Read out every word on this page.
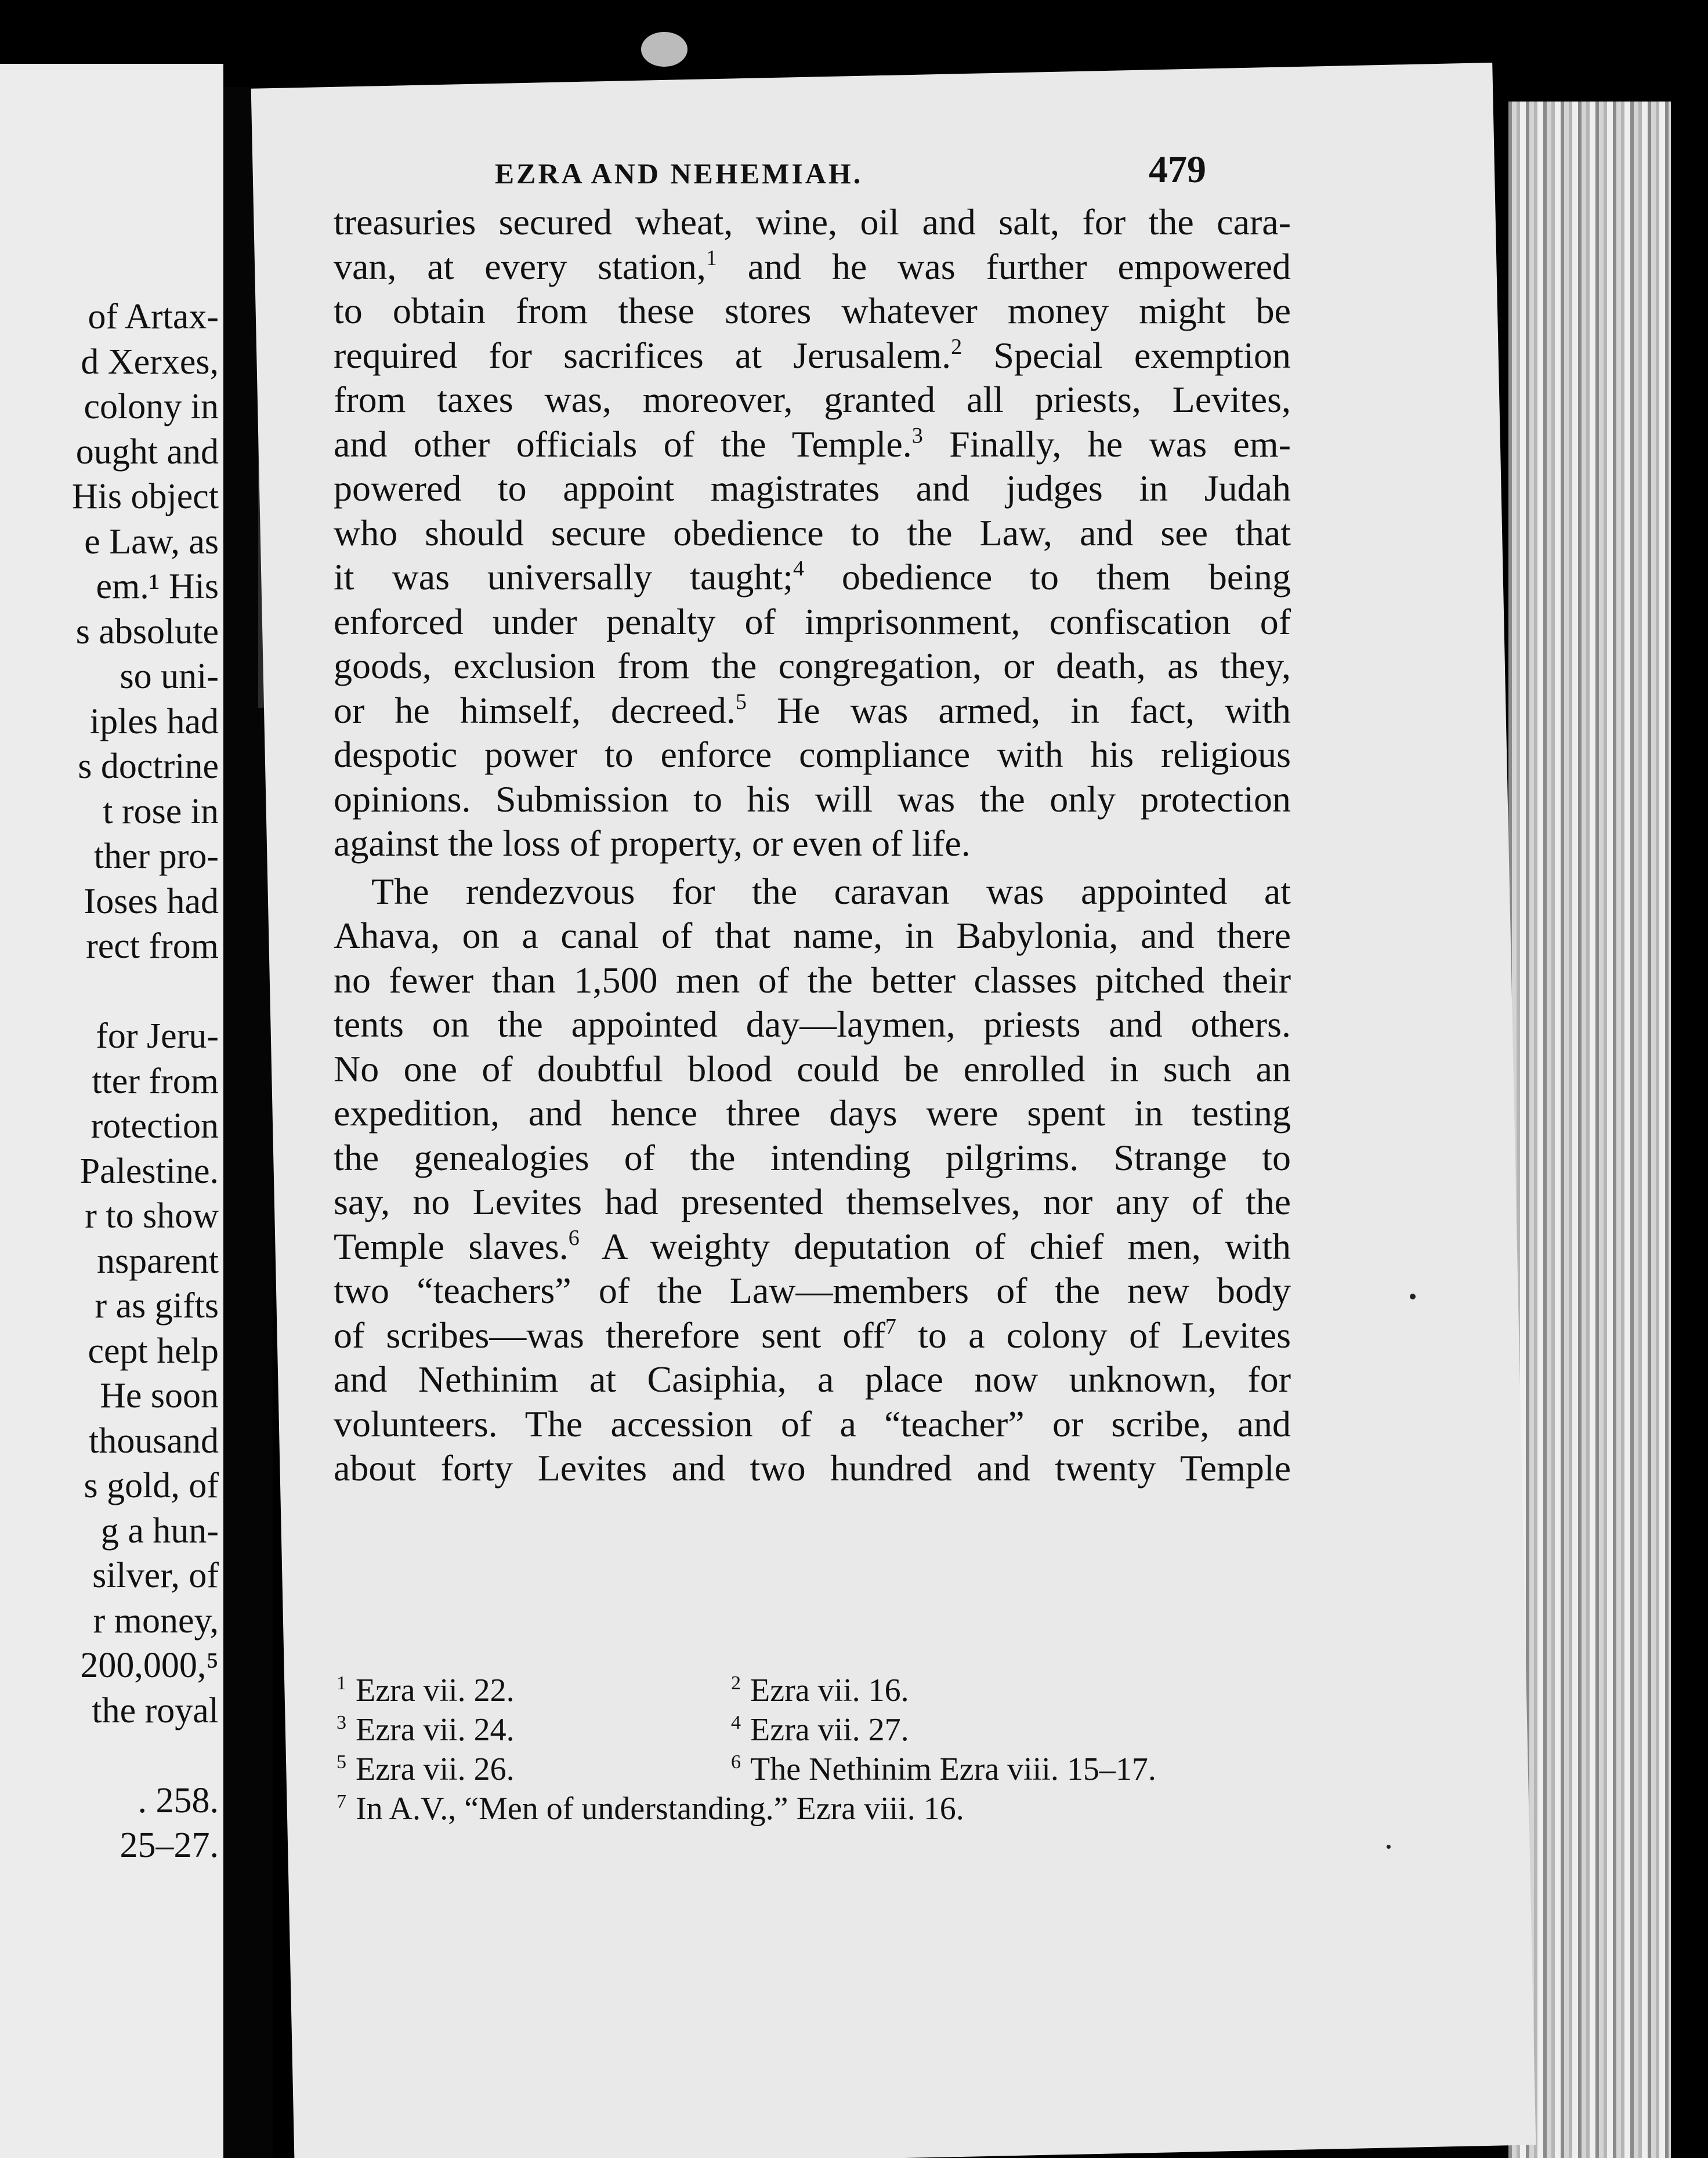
of Artax-
d Xerxes,
colony in
ought and
His object
e Law, as
em.¹ His
s absolute
so uni-
iples had
s doctrine
t rose in
ther pro-
Ioses had
rect from
for Jeru-
tter from
rotection
Palestine.
r to show
nsparent
r as gifts
cept help
He soon
thousand
s gold, of
g a hun-
silver, of
r money,
200,000,⁵
the royal
. 258.
25–27.
EZRA AND NEHEMIAH.	479
treasuries secured wheat, wine, oil and salt, for the cara-
van, at every station,$^1$ and he was further empowered
to obtain from these stores whatever money might be
required for sacrifices at Jerusalem.$^2$ Special exemption
from taxes was, moreover, granted all priests, Levites,
and other officials of the Temple.$^3$ Finally, he was em-
powered to appoint magistrates and judges in Judah
who should secure obedience to the Law, and see that
it was universally taught;$^4$ obedience to them being
enforced under penalty of imprisonment, confiscation of
goods, exclusion from the congregation, or death, as they,
or he himself, decreed.$^5$ He was armed, in fact, with
despotic power to enforce compliance with his religious
opinions. Submission to his will was the only protection
against the loss of property, or even of life.
The rendezvous for the caravan was appointed at
Ahava, on a canal of that name, in Babylonia, and there
no fewer than 1,500 men of the better classes pitched their
tents on the appointed day—laymen, priests and others.
No one of doubtful blood could be enrolled in such an
expedition, and hence three days were spent in testing
the genealogies of the intending pilgrims. Strange to
say, no Levites had presented themselves, nor any of the
Temple slaves.$^6$ A weighty deputation of chief men, with
two “teachers” of the Law—members of the new body
of scribes—was therefore sent off$^7$ to a colony of Levites
and Nethinim at Casiphia, a place now unknown, for
volunteers. The accession of a “teacher” or scribe, and
about forty Levites and two hundred and twenty Temple
$^1$ Ezra vii. 22.	$^2$ Ezra vii. 16.
$^3$ Ezra vii. 24.	$^4$ Ezra vii. 27.
$^5$ Ezra vii. 26.	$^6$ The Nethinim Ezra viii. 15–17.
$^7$ In A.V., “Men of understanding.” Ezra viii. 16.
